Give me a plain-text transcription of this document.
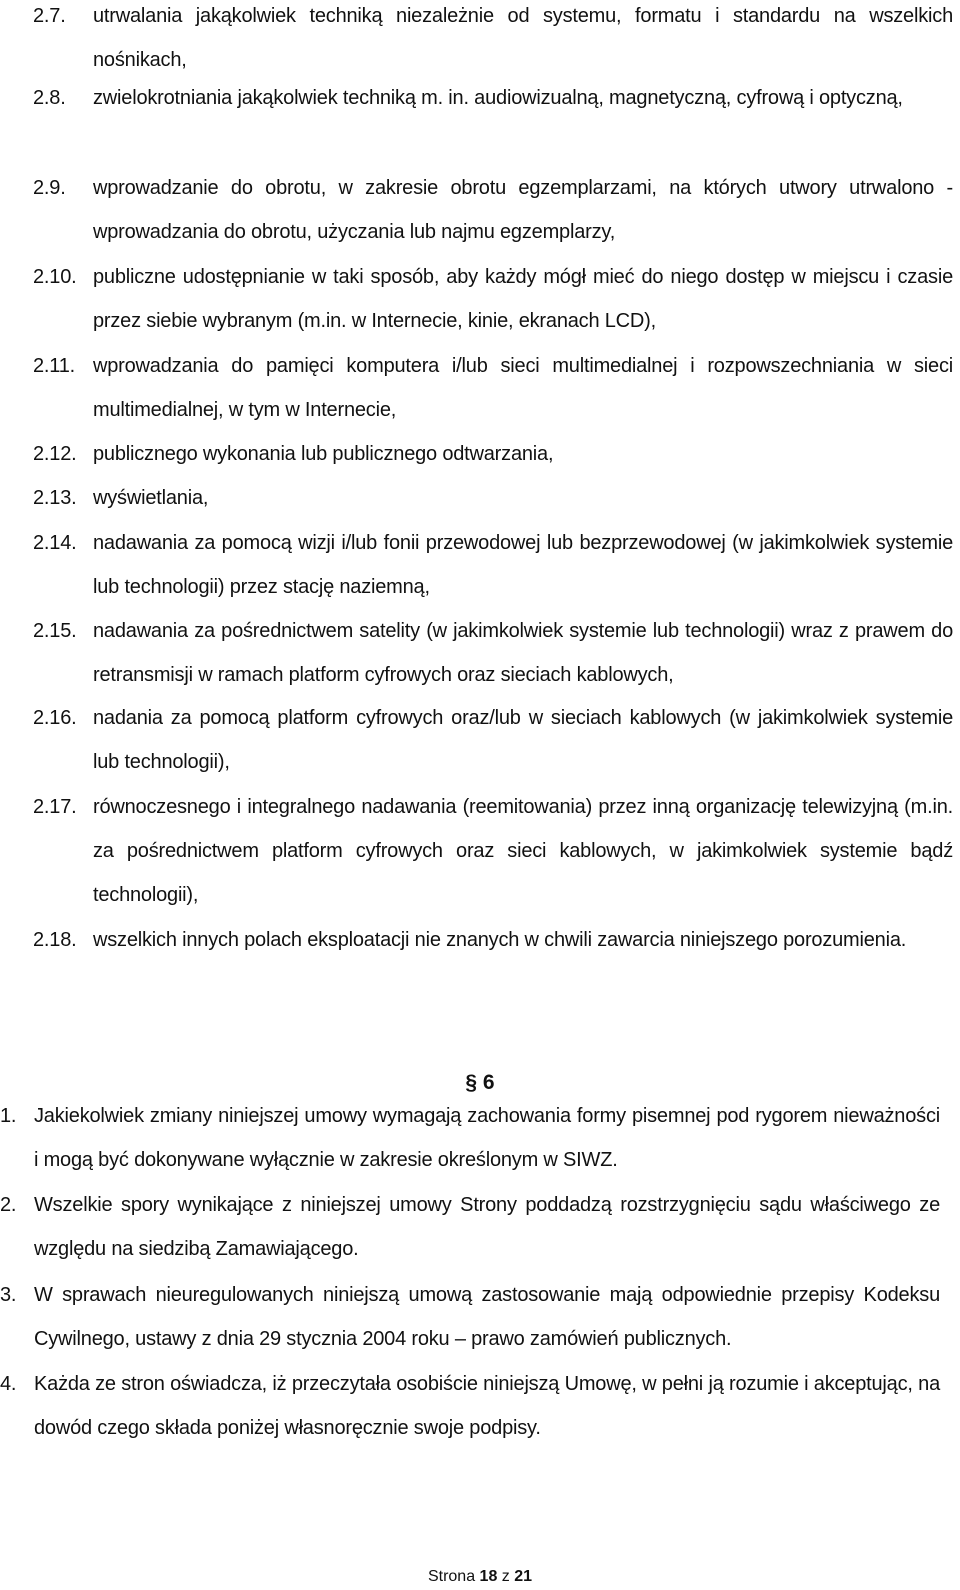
2.7. utrwalania jakąkolwiek techniką niezależnie od systemu, formatu i standardu na wszelkich nośnikach,
2.8. zwielokrotniania jakąkolwiek techniką m. in. audiowizualną, magnetyczną, cyfrową i optyczną,
2.9. wprowadzanie do obrotu, w zakresie obrotu egzemplarzami, na których utwory utrwalono - wprowadzania do obrotu, użyczania lub najmu egzemplarzy,
2.10. publiczne udostępnianie w taki sposób, aby każdy mógł mieć do niego dostęp w miejscu i czasie przez siebie wybranym (m.in. w Internecie, kinie, ekranach LCD),
2.11. wprowadzania do pamięci komputera i/lub sieci multimedialnej i rozpowszechniania w sieci multimedialnej, w tym w Internecie,
2.12. publicznego wykonania lub publicznego odtwarzania,
2.13. wyświetlania,
2.14. nadawania za pomocą wizji i/lub fonii przewodowej lub bezprzewodowej (w jakimkolwiek systemie lub technologii) przez stację naziemną,
2.15. nadawania za pośrednictwem satelity (w jakimkolwiek systemie lub technologii) wraz z prawem do retransmisji w ramach platform cyfrowych oraz sieciach kablowych,
2.16. nadania za pomocą platform cyfrowych oraz/lub w sieciach kablowych (w jakimkolwiek systemie lub technologii),
2.17. równoczesnego i integralnego nadawania (reemitowania) przez inną organizację telewizyjną (m.in. za pośrednictwem platform cyfrowych oraz sieci kablowych, w jakimkolwiek systemie bądź technologii),
2.18. wszelkich innych polach eksploatacji nie znanych w chwili zawarcia niniejszego porozumienia.
§ 6
1. Jakiekolwiek zmiany niniejszej umowy wymagają zachowania formy pisemnej pod rygorem nieważności i mogą być dokonywane wyłącznie w zakresie określonym w SIWZ.
2. Wszelkie spory wynikające z niniejszej umowy Strony poddadzą rozstrzygnięciu sądu właściwego ze względu na siedzibą Zamawiającego.
3. W sprawach nieuregulowanych niniejszą umową zastosowanie mają odpowiednie przepisy Kodeksu Cywilnego, ustawy z dnia 29 stycznia 2004 roku – prawo zamówień publicznych.
4. Każda ze stron oświadcza, iż przeczytała osobiście niniejszą Umowę, w pełni ją rozumie i akceptując, na dowód czego składa poniżej własnoręcznie swoje podpisy.
Strona 18 z 21
